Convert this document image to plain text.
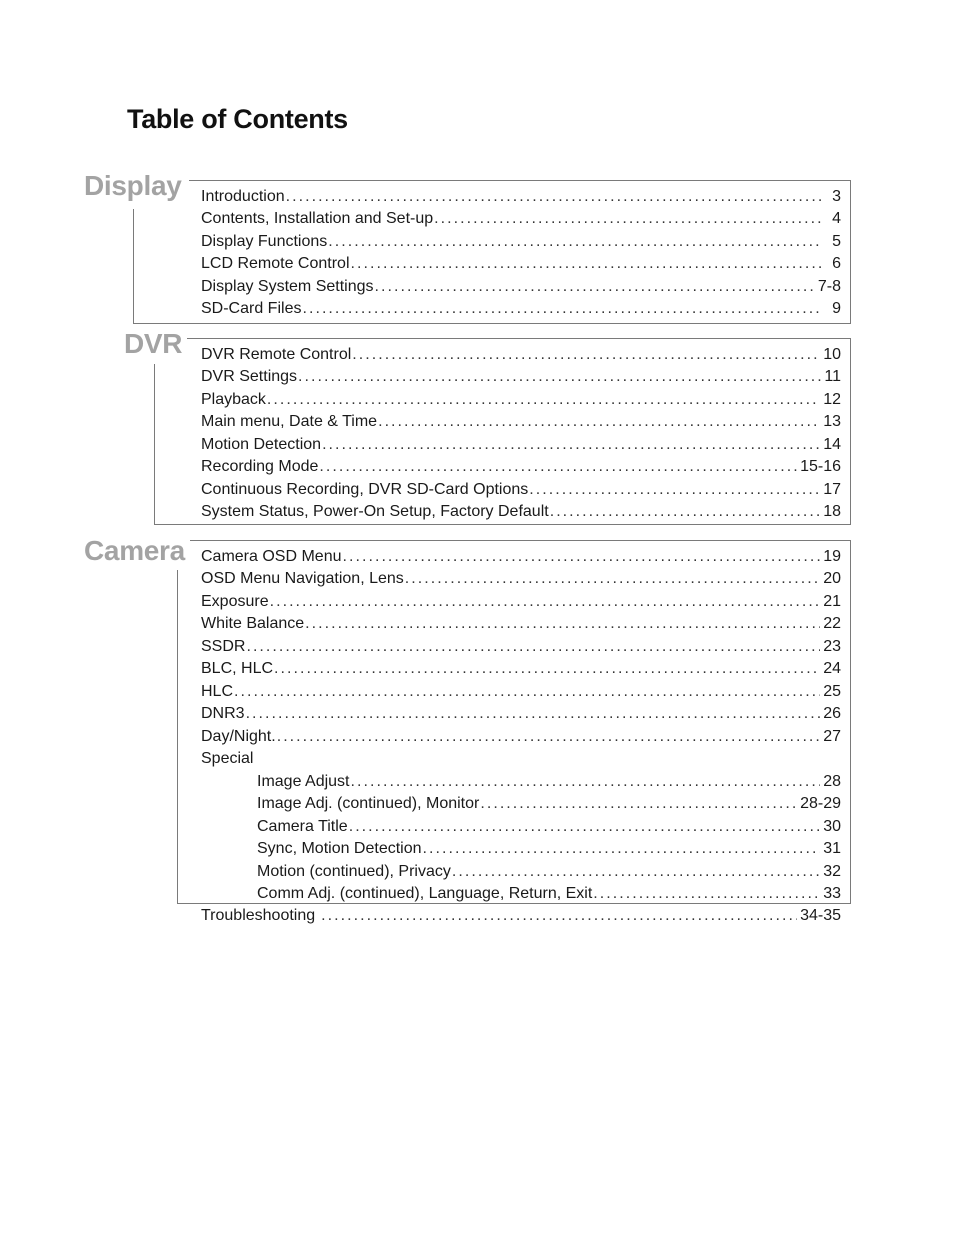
Table of Contents
Display
DVR
Camera
Introduction . . .	3
Contents, Installation and Set-up . . .	4
Display Functions . . .	5
LCD Remote Control . . .	6
Display System Settings . . .	7-8
SD-Card Files . . .	9
DVR Remote Control . . .	10
DVR Settings . . .	11
Playback . . .	12
Main menu, Date & Time . . .	13
Motion Detection . . .	14
Recording Mode . . .	15-16
Continuous Recording, DVR SD-Card Options . . .	17
System Status, Power-On Setup, Factory Default . . .	18
Camera OSD Menu . . .	19
OSD Menu Navigation, Lens . . .	20
Exposure . . .	21
White Balance . . .	22
SSDR . . .	23
BLC, HLC . . .	24
HLC . . .	25
DNR3 . . .	26
Day/Night. . . .	27
Special
Image Adjust . . .	28
Image Adj. (continued), Monitor . . .	28-29
Camera Title . . .	30
Sync, Motion Detection . . .	31
Motion (continued), Privacy . . .	32
Comm Adj. (continued), Language, Return, Exit . . .	33
Troubleshooting . . .	34-35
